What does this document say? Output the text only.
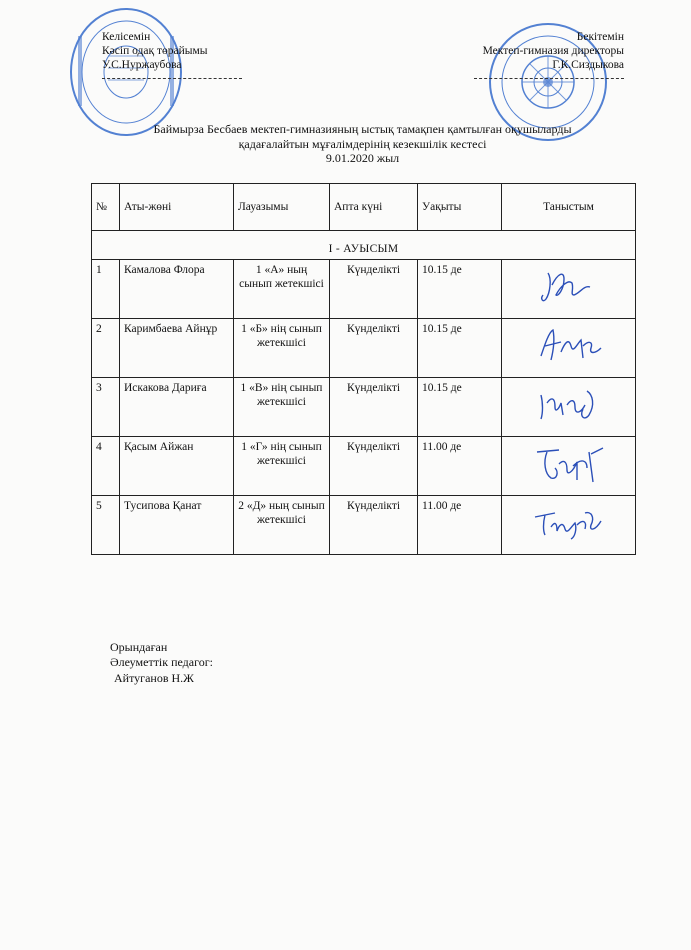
Келісемін
Кәсіп одақ төрайымы
У.С.Нуржаубова
Бекітемін
Мектеп-гимназия директоры
Г.К.Сиздыкова
Баймырза Бесбаев мектеп-гимназияның ыстық тамақпен қамтылған оқушыларды
қадағалайтын мұғалімдерінің кезекшілік кестесі
9.01.2020 жыл
№	Аты-жөні	Лауазымы	Апта күні	Уақыты	Таныстым
I - АУЫСЫМ					
1	Камалова Флора	1 «А» ның сынып жетекшісі	Күнделікті	10.15 де	

2	Каримбаева Айнұр	1 «Б» нің сынып жетекшісі	Күнделікті	10.15 де	

3	Искакова Дариға	1 «В» нің сынып жетекшісі	Күнделікті	10.15 де	

4	Қасым Айжан	1 «Г» нің сынып жетекшісі	Күнделікті	11.00 де	

5	Тусипова Қанат	2 «Д» ның сынып жетекшісі	Күнделікті	11.00 де	
Орындаған
Әлеуметтік педагог:
Айтуганов Н.Ж
